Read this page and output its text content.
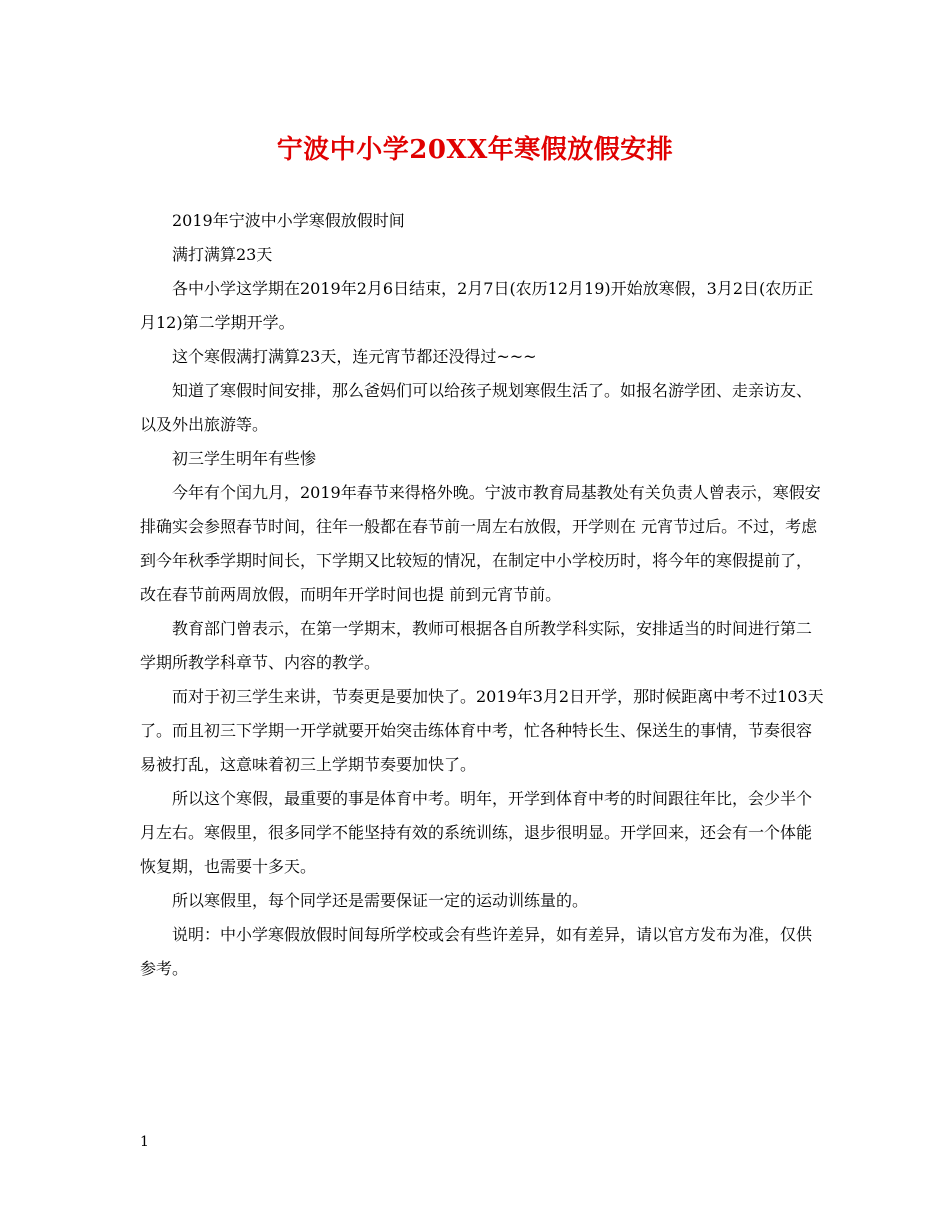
宁波中小学20XX年寒假放假安排

2019年宁波中小学寒假放假时间

满打满算23天

各中小学这学期在2019年2月6日结束，2月7日(农历12月19)开始放寒假，3月2日(农历正月12)第二学期开学。

这个寒假满打满算23天，连元宵节都还没得过~~~

知道了寒假时间安排，那么爸妈们可以给孩子规划寒假生活了。如报名游学团、走亲访友、以及外出旅游等。

初三学生明年有些惨

今年有个闰九月，2019年春节来得格外晚。宁波市教育局基教处有关负责人曾表示，寒假安排确实会参照春节时间，往年一般都在春节前一周左右放假，开学则在 元宵节过后。不过，考虑到今年秋季学期时间长，下学期又比较短的情况，在制定中小学校历时，将今年的寒假提前了，改在春节前两周放假，而明年开学时间也提 前到元宵节前。

教育部门曾表示，在第一学期末，教师可根据各自所教学科实际，安排适当的时间进行第二学期所教学科章节、内容的教学。

而对于初三学生来讲，节奏更是要加快了。2019年3月2日开学，那时候距离中考不过103天了。而且初三下学期一开学就要开始突击练体育中考，忙各种特长生、保送生的事情，节奏很容易被打乱，这意味着初三上学期节奏要加快了。

所以这个寒假，最重要的事是体育中考。明年，开学到体育中考的时间跟往年比，会少半个月左右。寒假里，很多同学不能坚持有效的系统训练，退步很明显。开学回来，还会有一个体能恢复期，也需要十多天。

所以寒假里，每个同学还是需要保证一定的运动训练量的。

说明：中小学寒假放假时间每所学校或会有些许差异，如有差异，请以官方发布为准，仅供参考。

1
